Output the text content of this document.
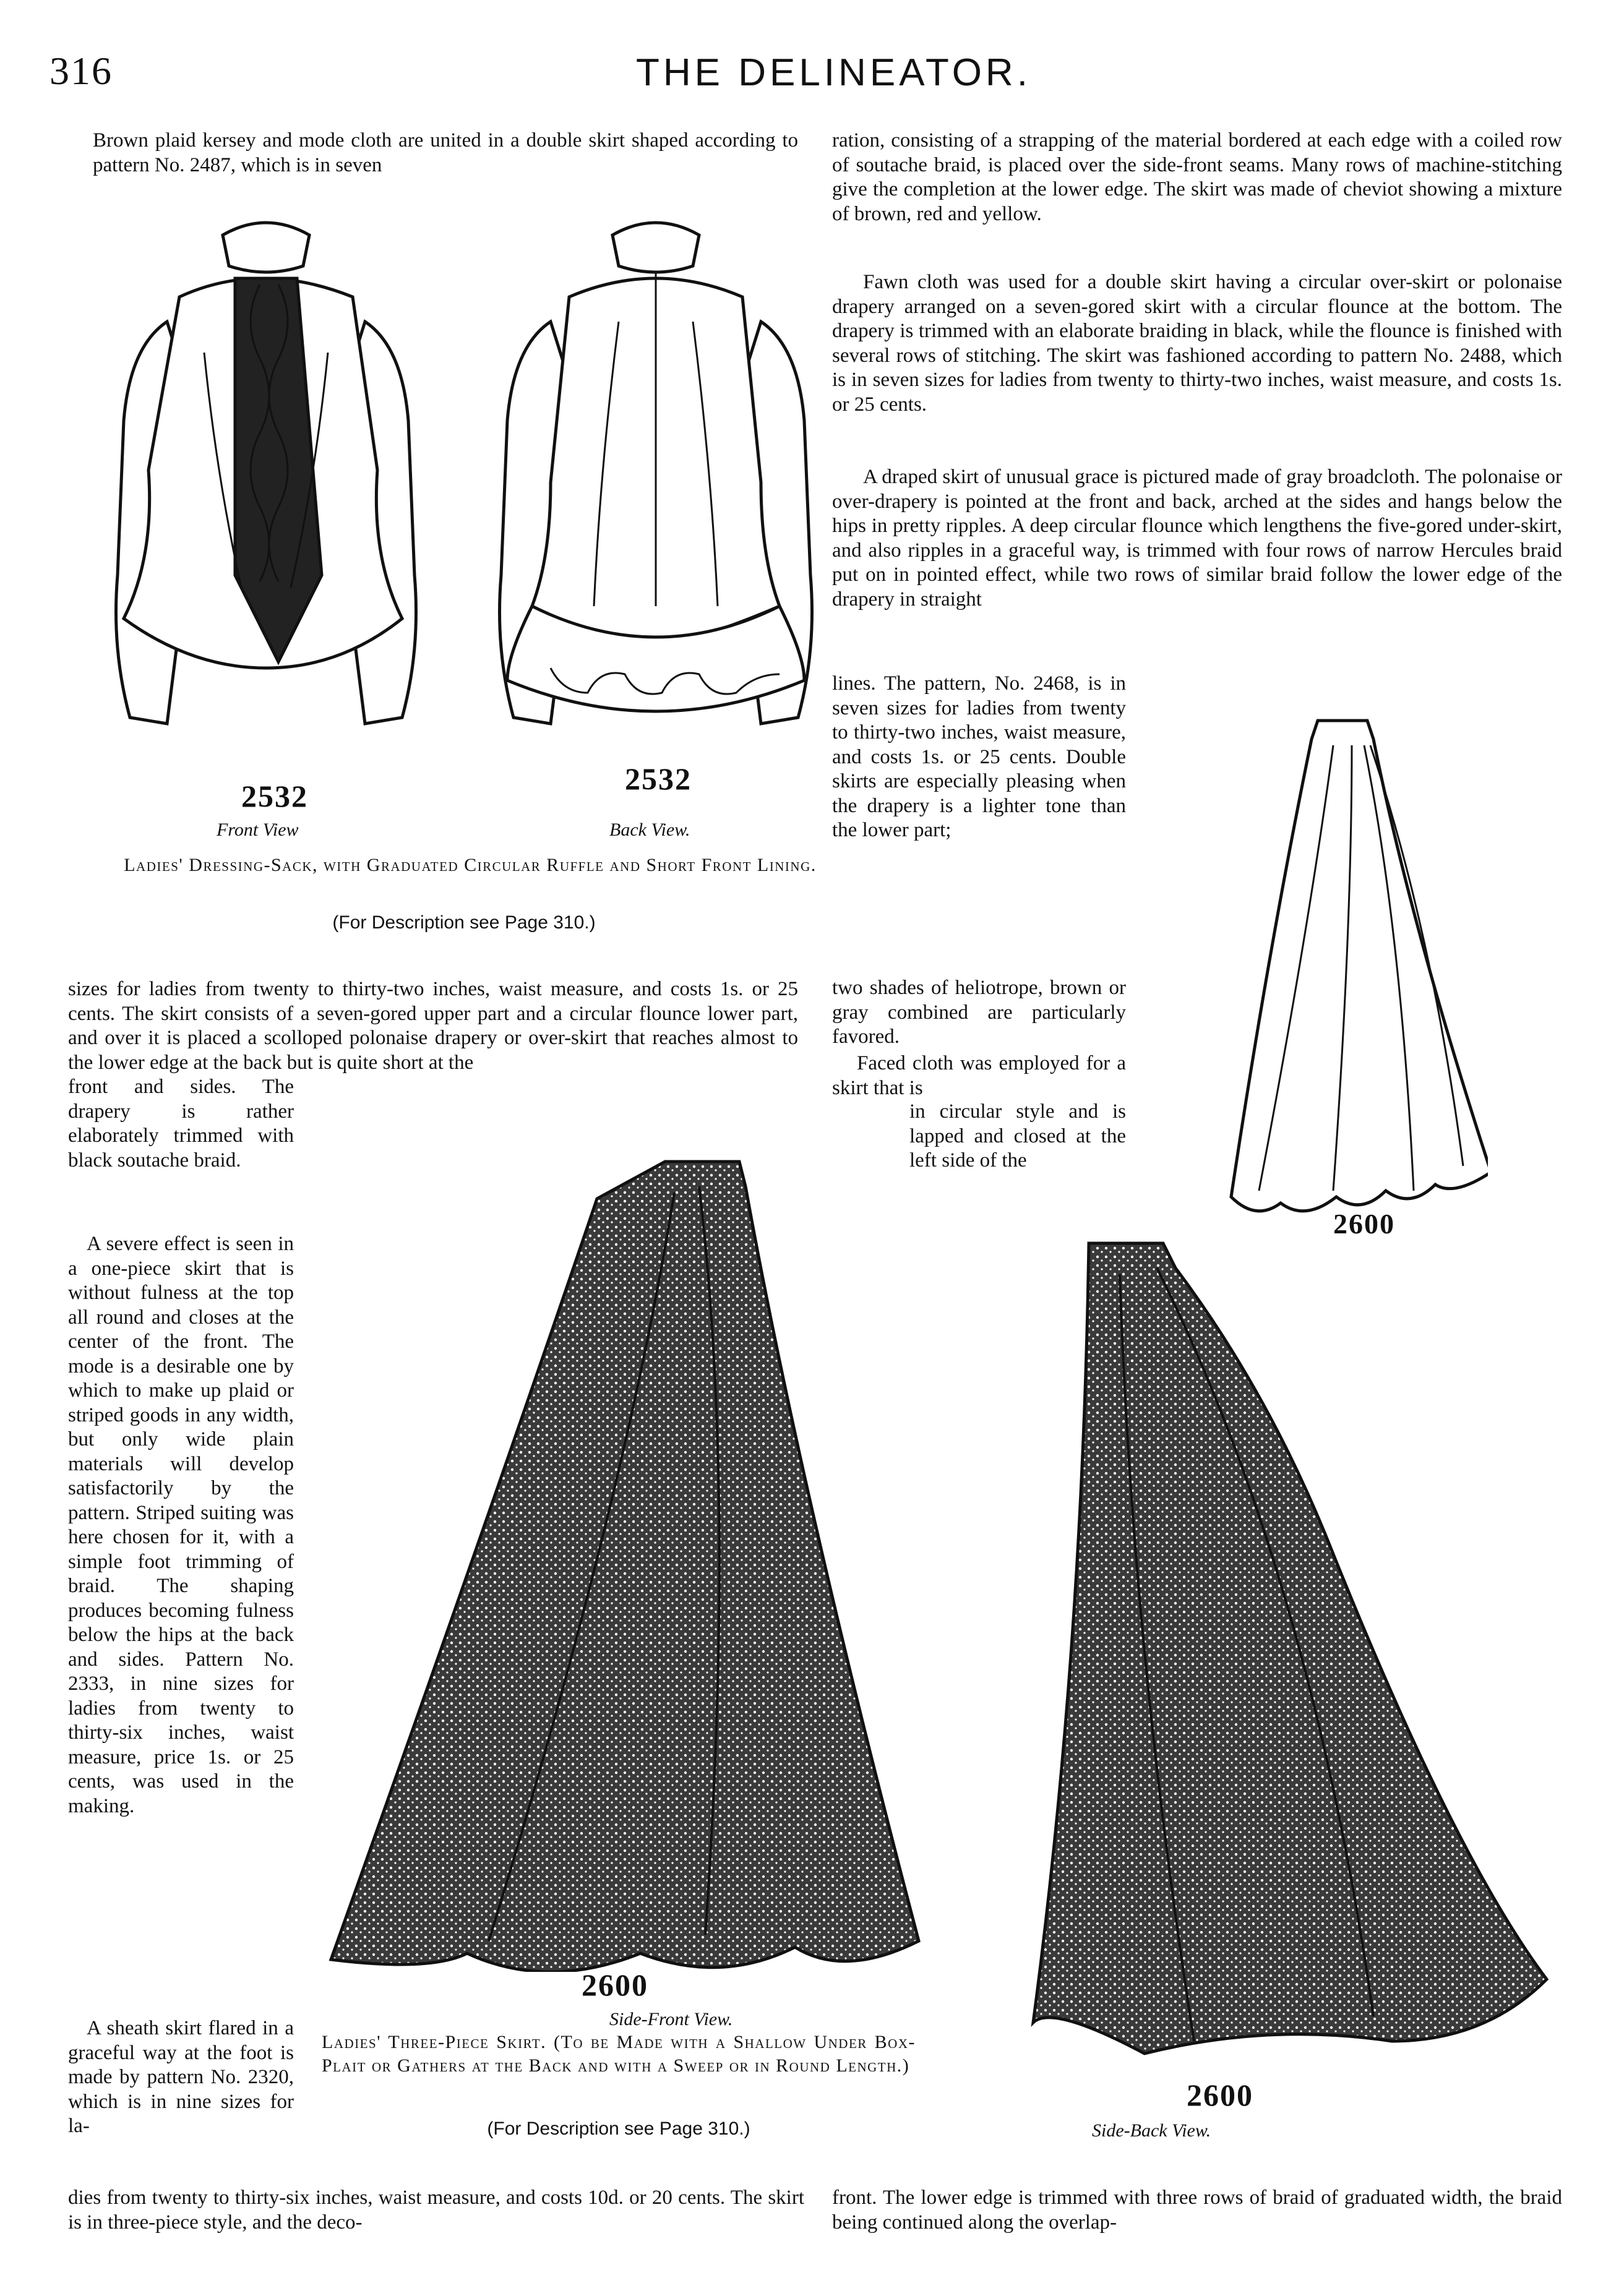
316	THE DELINEATOR.
Brown plaid kersey and mode cloth are united in a double skirt shaped according to pattern No. 2487, which is in seven
ration, consisting of a strapping of the material bordered at each edge with a coiled row of soutache braid, is placed over the side-front seams. Many rows of machine-stitching give the completion at the lower edge. The skirt was made of cheviot showing a mixture of brown, red and yellow.
Fawn cloth was used for a double skirt having a circular over-skirt or polonaise drapery arranged on a seven-gored skirt with a circular flounce at the bottom. The drapery is trimmed with an elaborate braiding in black, while the flounce is finished with several rows of stitching. The skirt was fashioned according to pattern No. 2488, which is in seven sizes for ladies from twenty to thirty-two inches, waist measure, and costs 1s. or 25 cents.
A draped skirt of unusual grace is pictured made of gray broadcloth. The polonaise or over-drapery is pointed at the front and back, arched at the sides and hangs below the hips in pretty ripples. A deep circular flounce which lengthens the five-gored under-skirt, and also ripples in a graceful way, is trimmed with four rows of narrow Hercules braid put on in pointed effect, while two rows of similar braid follow the lower edge of the drapery in straight
lines. The pattern, No. 2468, is in seven sizes for ladies from twenty to thirty-two inches, waist measure, and costs 1s. or 25 cents. Double skirts are especially pleasing when the drapery is a lighter tone than the lower part;
two shades of heliotrope, brown or gray combined are particularly favored.
Faced cloth was employed for a skirt that is
in circular style and is lapped and closed at the left side of the
2532
Front View
2532
Back View.
Ladies' Dressing-Sack, with Graduated Circular Ruffle and Short Front Lining.
(For Description see Page 310.)
sizes for ladies from twenty to thirty-two inches, waist measure, and costs 1s. or 25 cents. The skirt consists of a seven-gored upper part and a circular flounce lower part, and over it is placed a scolloped polonaise drapery or over-skirt that reaches almost to the lower edge at the back but is quite short at the
front and sides. The drapery is rather elaborately trimmed with black soutache braid.
A severe effect is seen in a one-piece skirt that is without fulness at the top all round and closes at the center of the front. The mode is a desirable one by which to make up plaid or striped goods in any width, but only wide plain materials will develop satisfactorily by the pattern. Striped suiting was here chosen for it, with a simple foot trimming of braid. The shaping produces becoming fulness below the hips at the back and sides. Pattern No. 2333, in nine sizes for ladies from twenty to thirty-six inches, waist measure, price 1s. or 25 cents, was used in the making.
A sheath skirt flared in a graceful way at the foot is made by pattern No. 2320, which is in nine sizes for la-
2600
2600
Side-Front View.
Ladies' Three-Piece Skirt. (To be Made with a Shallow Under Box-Plait or Gathers at the Back and with a Sweep or in Round Length.)
(For Description see Page 310.)
2600
Side-Back View.
dies from twenty to thirty-six inches, waist measure, and costs 10d. or 20 cents. The skirt is in three-piece style, and the deco-
front. The lower edge is trimmed with three rows of braid of graduated width, the braid being continued along the overlap-
